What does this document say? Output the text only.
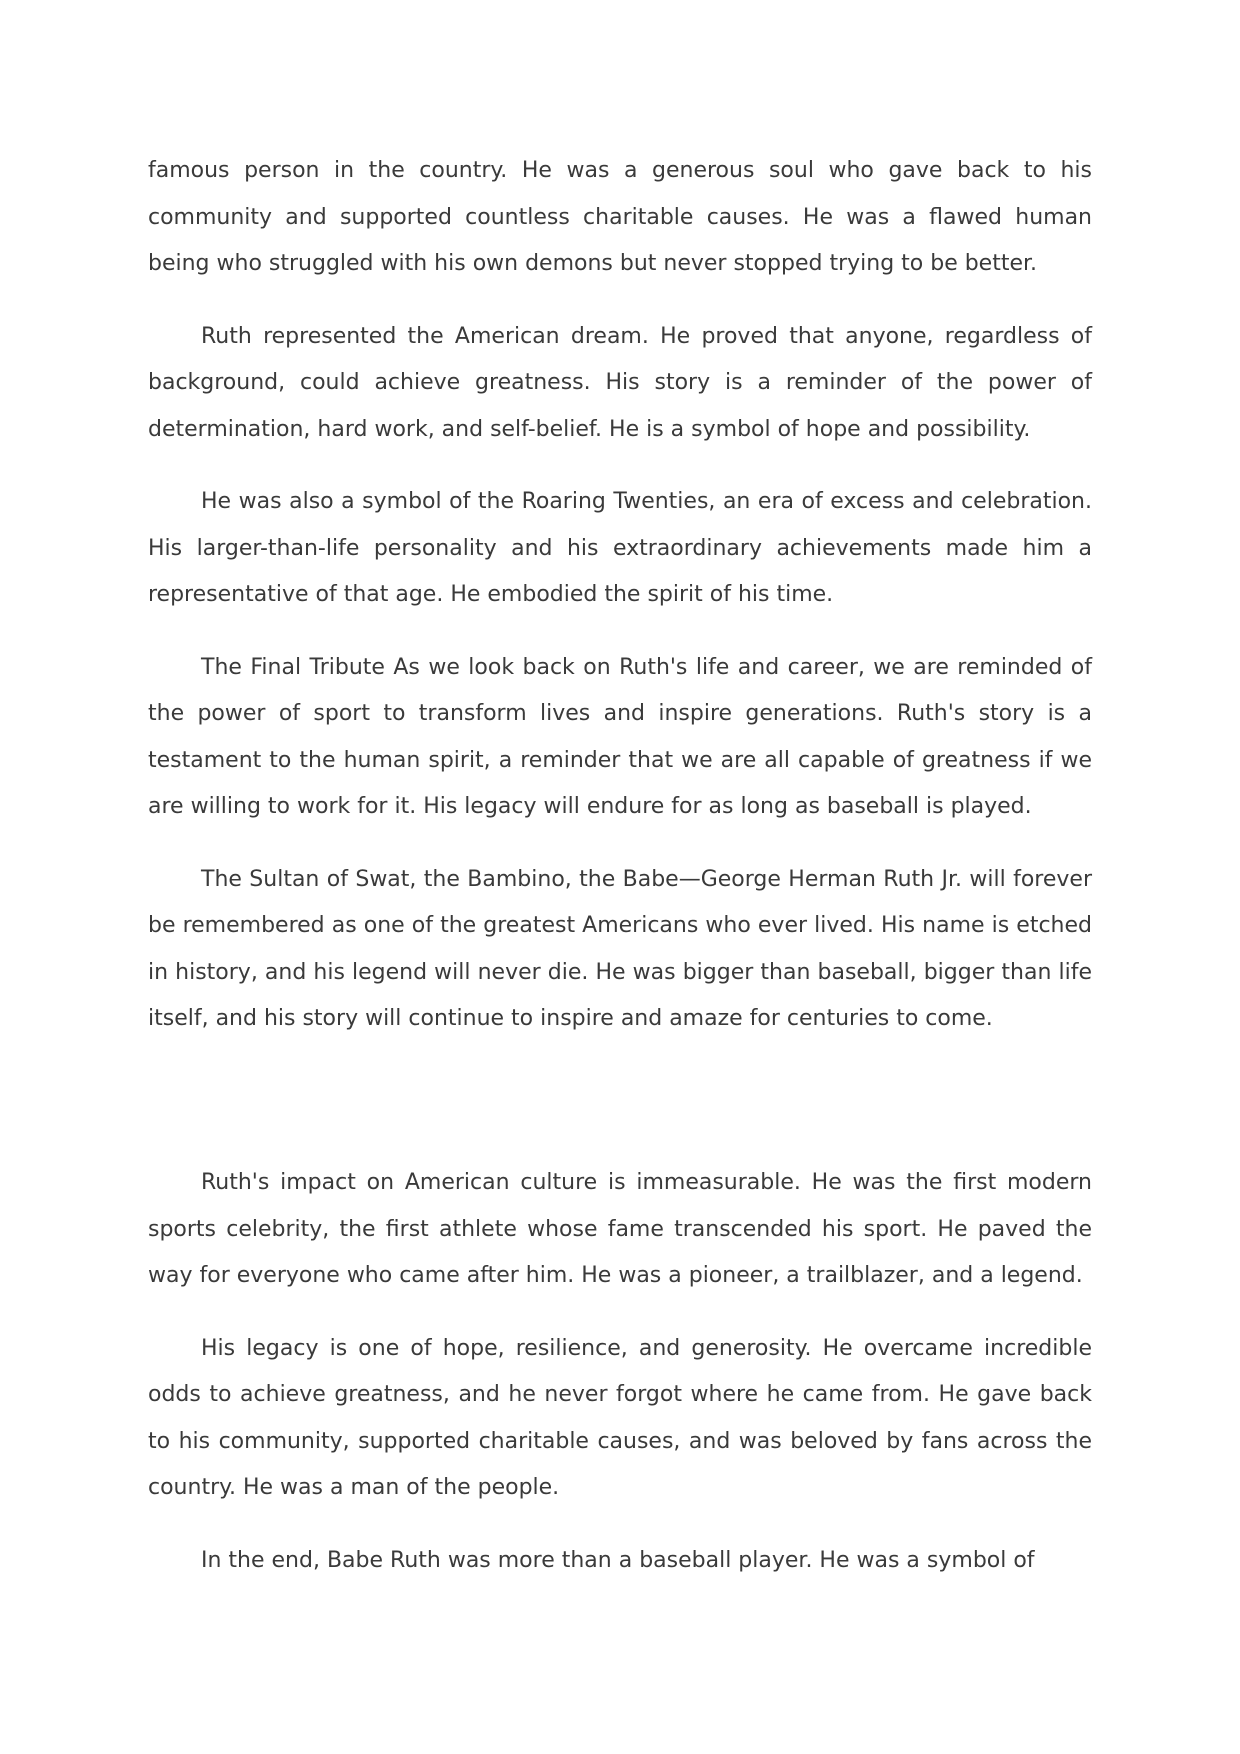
famous person in the country. He was a generous soul who gave back to his community and supported countless charitable causes. He was a flawed human being who struggled with his own demons but never stopped trying to be better.

Ruth represented the American dream. He proved that anyone, regardless of background, could achieve greatness. His story is a reminder of the power of determination, hard work, and self-belief. He is a symbol of hope and possibility.

He was also a symbol of the Roaring Twenties, an era of excess and celebration. His larger-than-life personality and his extraordinary achievements made him a representative of that age. He embodied the spirit of his time.

The Final Tribute As we look back on Ruth's life and career, we are reminded of the power of sport to transform lives and inspire generations. Ruth's story is a testament to the human spirit, a reminder that we are all capable of greatness if we are willing to work for it. His legacy will endure for as long as baseball is played.

The Sultan of Swat, the Bambino, the Babe—George Herman Ruth Jr. will forever be remembered as one of the greatest Americans who ever lived. His name is etched in history, and his legend will never die. He was bigger than baseball, bigger than life itself, and his story will continue to inspire and amaze for centuries to come.

Ruth's impact on American culture is immeasurable. He was the first modern sports celebrity, the first athlete whose fame transcended his sport. He paved the way for everyone who came after him. He was a pioneer, a trailblazer, and a legend.

His legacy is one of hope, resilience, and generosity. He overcame incredible odds to achieve greatness, and he never forgot where he came from. He gave back to his community, supported charitable causes, and was beloved by fans across the country. He was a man of the people.

In the end, Babe Ruth was more than a baseball player. He was a symbol of
